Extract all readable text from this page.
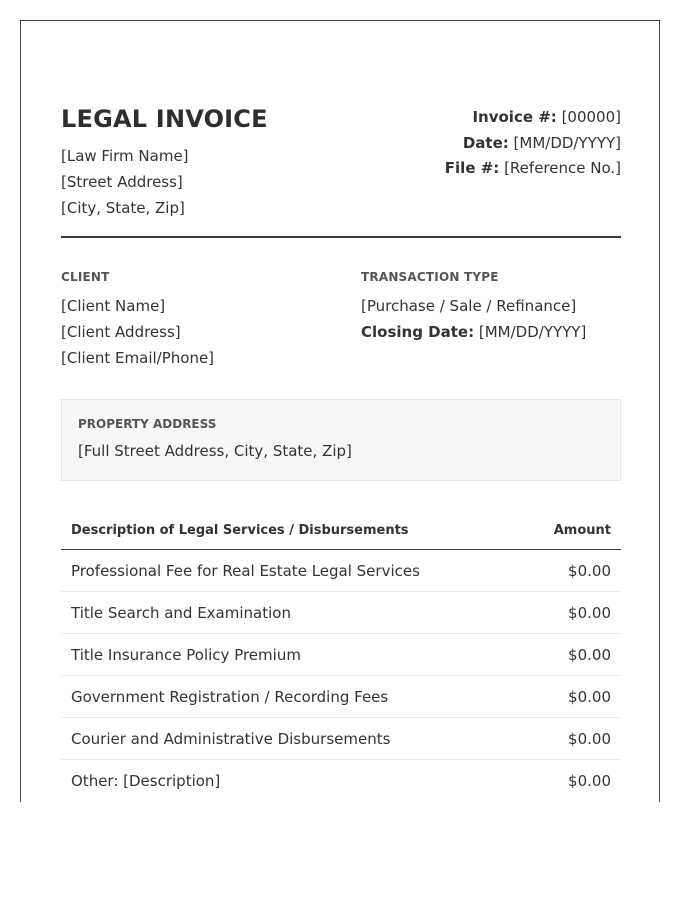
LEGAL INVOICE
[Law Firm Name]
[Street Address]
[City, State, Zip]
Invoice #: [00000]
Date: [MM/DD/YYYY]
File #: [Reference No.]
CLIENT
[Client Name]
[Client Address]
[Client Email/Phone]
TRANSACTION TYPE
[Purchase / Sale / Refinance]
Closing Date: [MM/DD/YYYY]
PROPERTY ADDRESS
[Full Street Address, City, State, Zip]
Description of Legal Services / Disbursements	Amount
Professional Fee for Real Estate Legal Services	$0.00
Title Search and Examination	$0.00
Title Insurance Policy Premium	$0.00
Government Registration / Recording Fees	$0.00
Courier and Administrative Disbursements	$0.00
Other: [Description]	$0.00
